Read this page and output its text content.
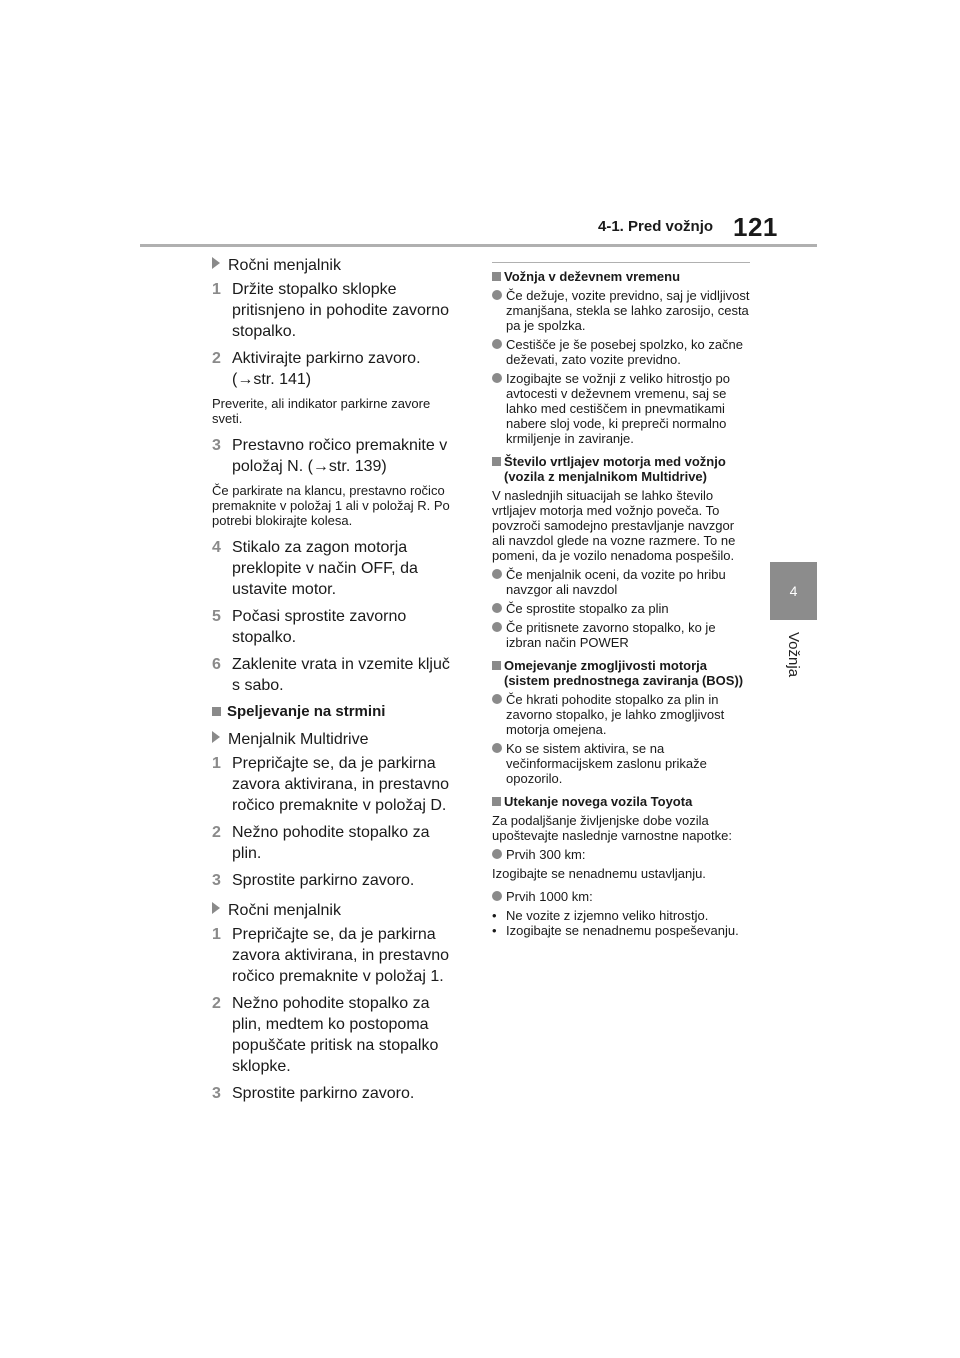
4-1. Pred vožnjo 121
4
Vožnja
Ročni menjalnik
1 Držite stopalko sklopke pritisnjeno in pohodite zavorno stopalko.
2 Aktivirajte parkirno zavoro. (→str. 141)
Preverite, ali indikator parkirne zavore sveti.
3 Prestavno ročico premaknite v položaj N. (→str. 139)
Če parkirate na klancu, prestavno ročico premaknite v položaj 1 ali v položaj R. Po potrebi blokirajte kolesa.
4 Stikalo za zagon motorja preklopite v način OFF, da ustavite motor.
5 Počasi sprostite zavorno stopalko.
6 Zaklenite vrata in vzemite ključ s sabo.
Speljevanje na strmini
Menjalnik Multidrive
1 Prepričajte se, da je parkirna zavora aktivirana, in prestavno ročico premaknite v položaj D.
2 Nežno pohodite stopalko za plin.
3 Sprostite parkirno zavoro.
Ročni menjalnik
1 Prepričajte se, da je parkirna zavora aktivirana, in prestavno ročico premaknite v položaj 1.
2 Nežno pohodite stopalko za plin, medtem ko postopoma popuščate pritisk na stopalko sklopke.
3 Sprostite parkirno zavoro.
Vožnja v deževnem vremenu
Če dežuje, vozite previdno, saj je vidljivost zmanjšana, stekla se lahko zarosijo, cesta pa je spolzka.
Cestišče je še posebej spolzko, ko začne deževati, zato vozite previdno.
Izogibajte se vožnji z veliko hitrostjo po avtocesti v deževnem vremenu, saj se lahko med cestiščem in pnevmatikami nabere sloj vode, ki prepreči normalno krmiljenje in zaviranje.
Število vrtljajev motorja med vožnjo (vozila z menjalnikom Multidrive)
V naslednjih situacijah se lahko število vrtljajev motorja med vožnjo poveča. To povzroči samodejno prestavljanje navzgor ali navzdol glede na vozne razmere. To ne pomeni, da je vozilo nenadoma pospešilo.
Če menjalnik oceni, da vozite po hribu navzgor ali navzdol
Če sprostite stopalko za plin
Če pritisnete zavorno stopalko, ko je izbran način POWER
Omejevanje zmogljivosti motorja (sistem prednostnega zaviranja (BOS))
Če hkrati pohodite stopalko za plin in zavorno stopalko, je lahko zmogljivost motorja omejena.
Ko se sistem aktivira, se na večinformacijskem zaslonu prikaže opozorilo.
Utekanje novega vozila Toyota
Za podaljšanje življenjske dobe vozila upoštevajte naslednje varnostne napotke:
Prvih 300 km:
Izogibajte se nenadnemu ustavljanju.
Prvih 1000 km:
• Ne vozite z izjemno veliko hitrostjo.
• Izogibajte se nenadnemu pospeševanju.
